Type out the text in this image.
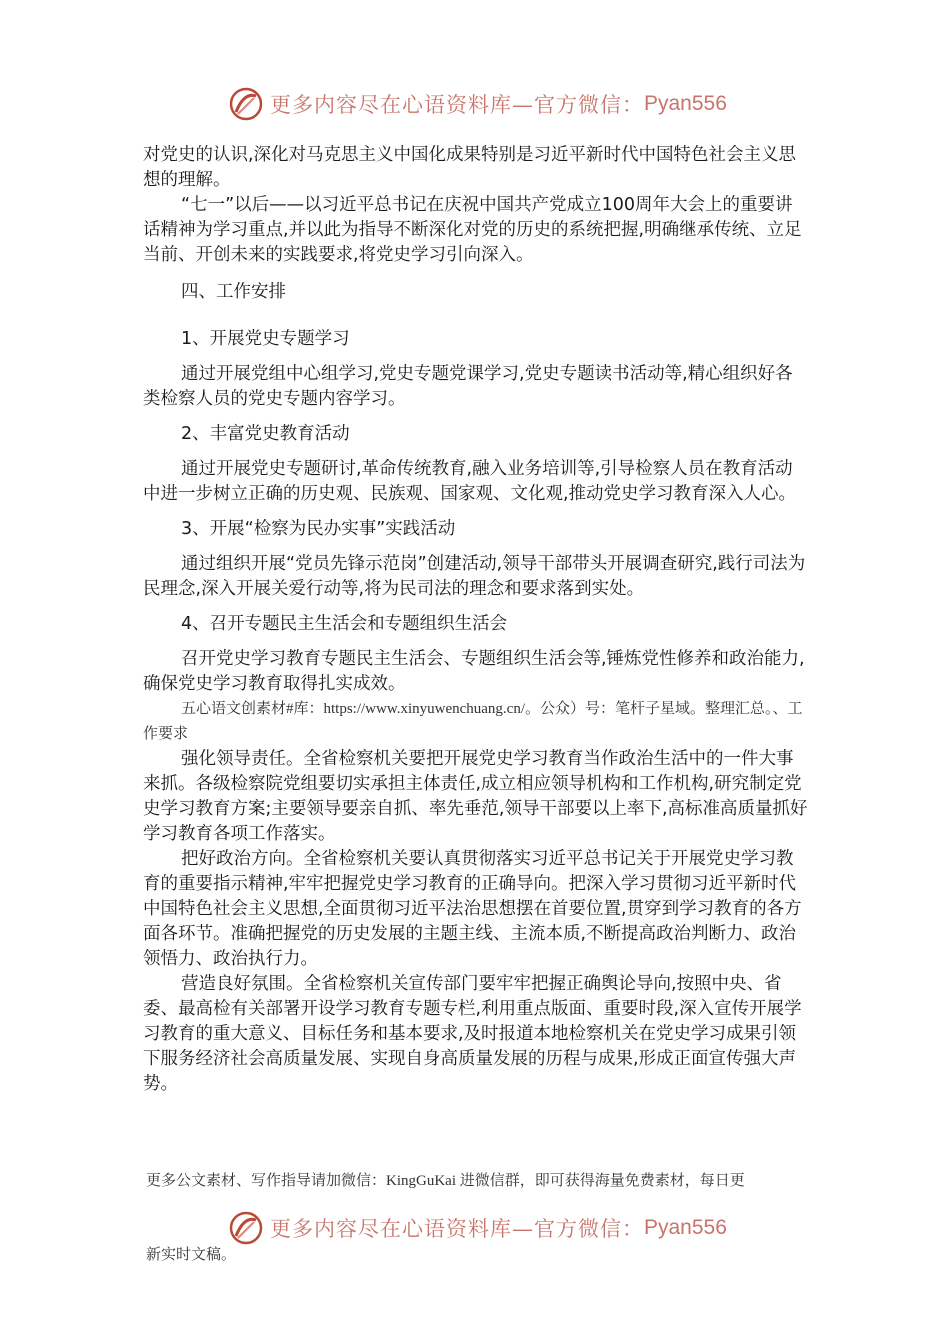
更多内容尽在心语资料库—官方微信： Pyan556

对党史的认识,深化对马克思主义中国化成果特别是习近平新时代中国特色社会主义思想的理解。

“七一”以后——以习近平总书记在庆祝中国共产党成立100周年大会上的重要讲话精神为学习重点,并以此为指导不断深化对党的历史的系统把握,明确继承传统、立足当前、开创未来的实践要求,将党史学习引向深入。

四、工作安排

1、开展党史专题学习

通过开展党组中心组学习,党史专题党课学习,党史专题读书活动等,精心组织好各类检察人员的党史专题内容学习。

2、丰富党史教育活动

通过开展党史专题研讨,革命传统教育,融入业务培训等,引导检察人员在教育活动中进一步树立正确的历史观、民族观、国家观、文化观,推动党史学习教育深入人心。

3、开展“检察为民办实事”实践活动

通过组织开展“党员先锋示范岗”创建活动,领导干部带头开展调查研究,践行司法为民理念,深入开展关爱行动等,将为民司法的理念和要求落到实处。

4、召开专题民主生活会和专题组织生活会

召开党史学习教育专题民主生活会、专题组织生活会等,锤炼党性修养和政治能力,确保党史学习教育取得扎实成效。

五心语文创素材#库：https://www.xinyuwenchuang.cn/。公众）号：笔杆子星域。整理汇总。、工作要求

强化领导责任。全省检察机关要把开展党史学习教育当作政治生活中的一件大事来抓。各级检察院党组要切实承担主体责任,成立相应领导机构和工作机构,研究制定党史学习教育方案;主要领导要亲自抓、率先垂范,领导干部要以上率下,高标准高质量抓好学习教育各项工作落实。

把好政治方向。全省检察机关要认真贯彻落实习近平总书记关于开展党史学习教育的重要指示精神,牢牢把握党史学习教育的正确导向。把深入学习贯彻习近平新时代中国特色社会主义思想,全面贯彻习近平法治思想摆在首要位置,贯穿到学习教育的各方面各环节。准确把握党的历史发展的主题主线、主流本质,不断提高政治判断力、政治领悟力、政治执行力。

营造良好氛围。全省检察机关宣传部门要牢牢把握正确舆论导向,按照中央、省委、最高检有关部署开设学习教育专题专栏,利用重点版面、重要时段,深入宣传开展学习教育的重大意义、目标任务和基本要求,及时报道本地检察机关在党史学习成果引领下服务经济社会高质量发展、实现自身高质量发展的历程与成果,形成正面宣传强大声势。

更多公文素材、写作指导请加微信：KingGuKai 进微信群，即可获得海量免费素材，每日更
更多内容尽在心语资料库—官方微信： Pyan556
新实时文稿。
